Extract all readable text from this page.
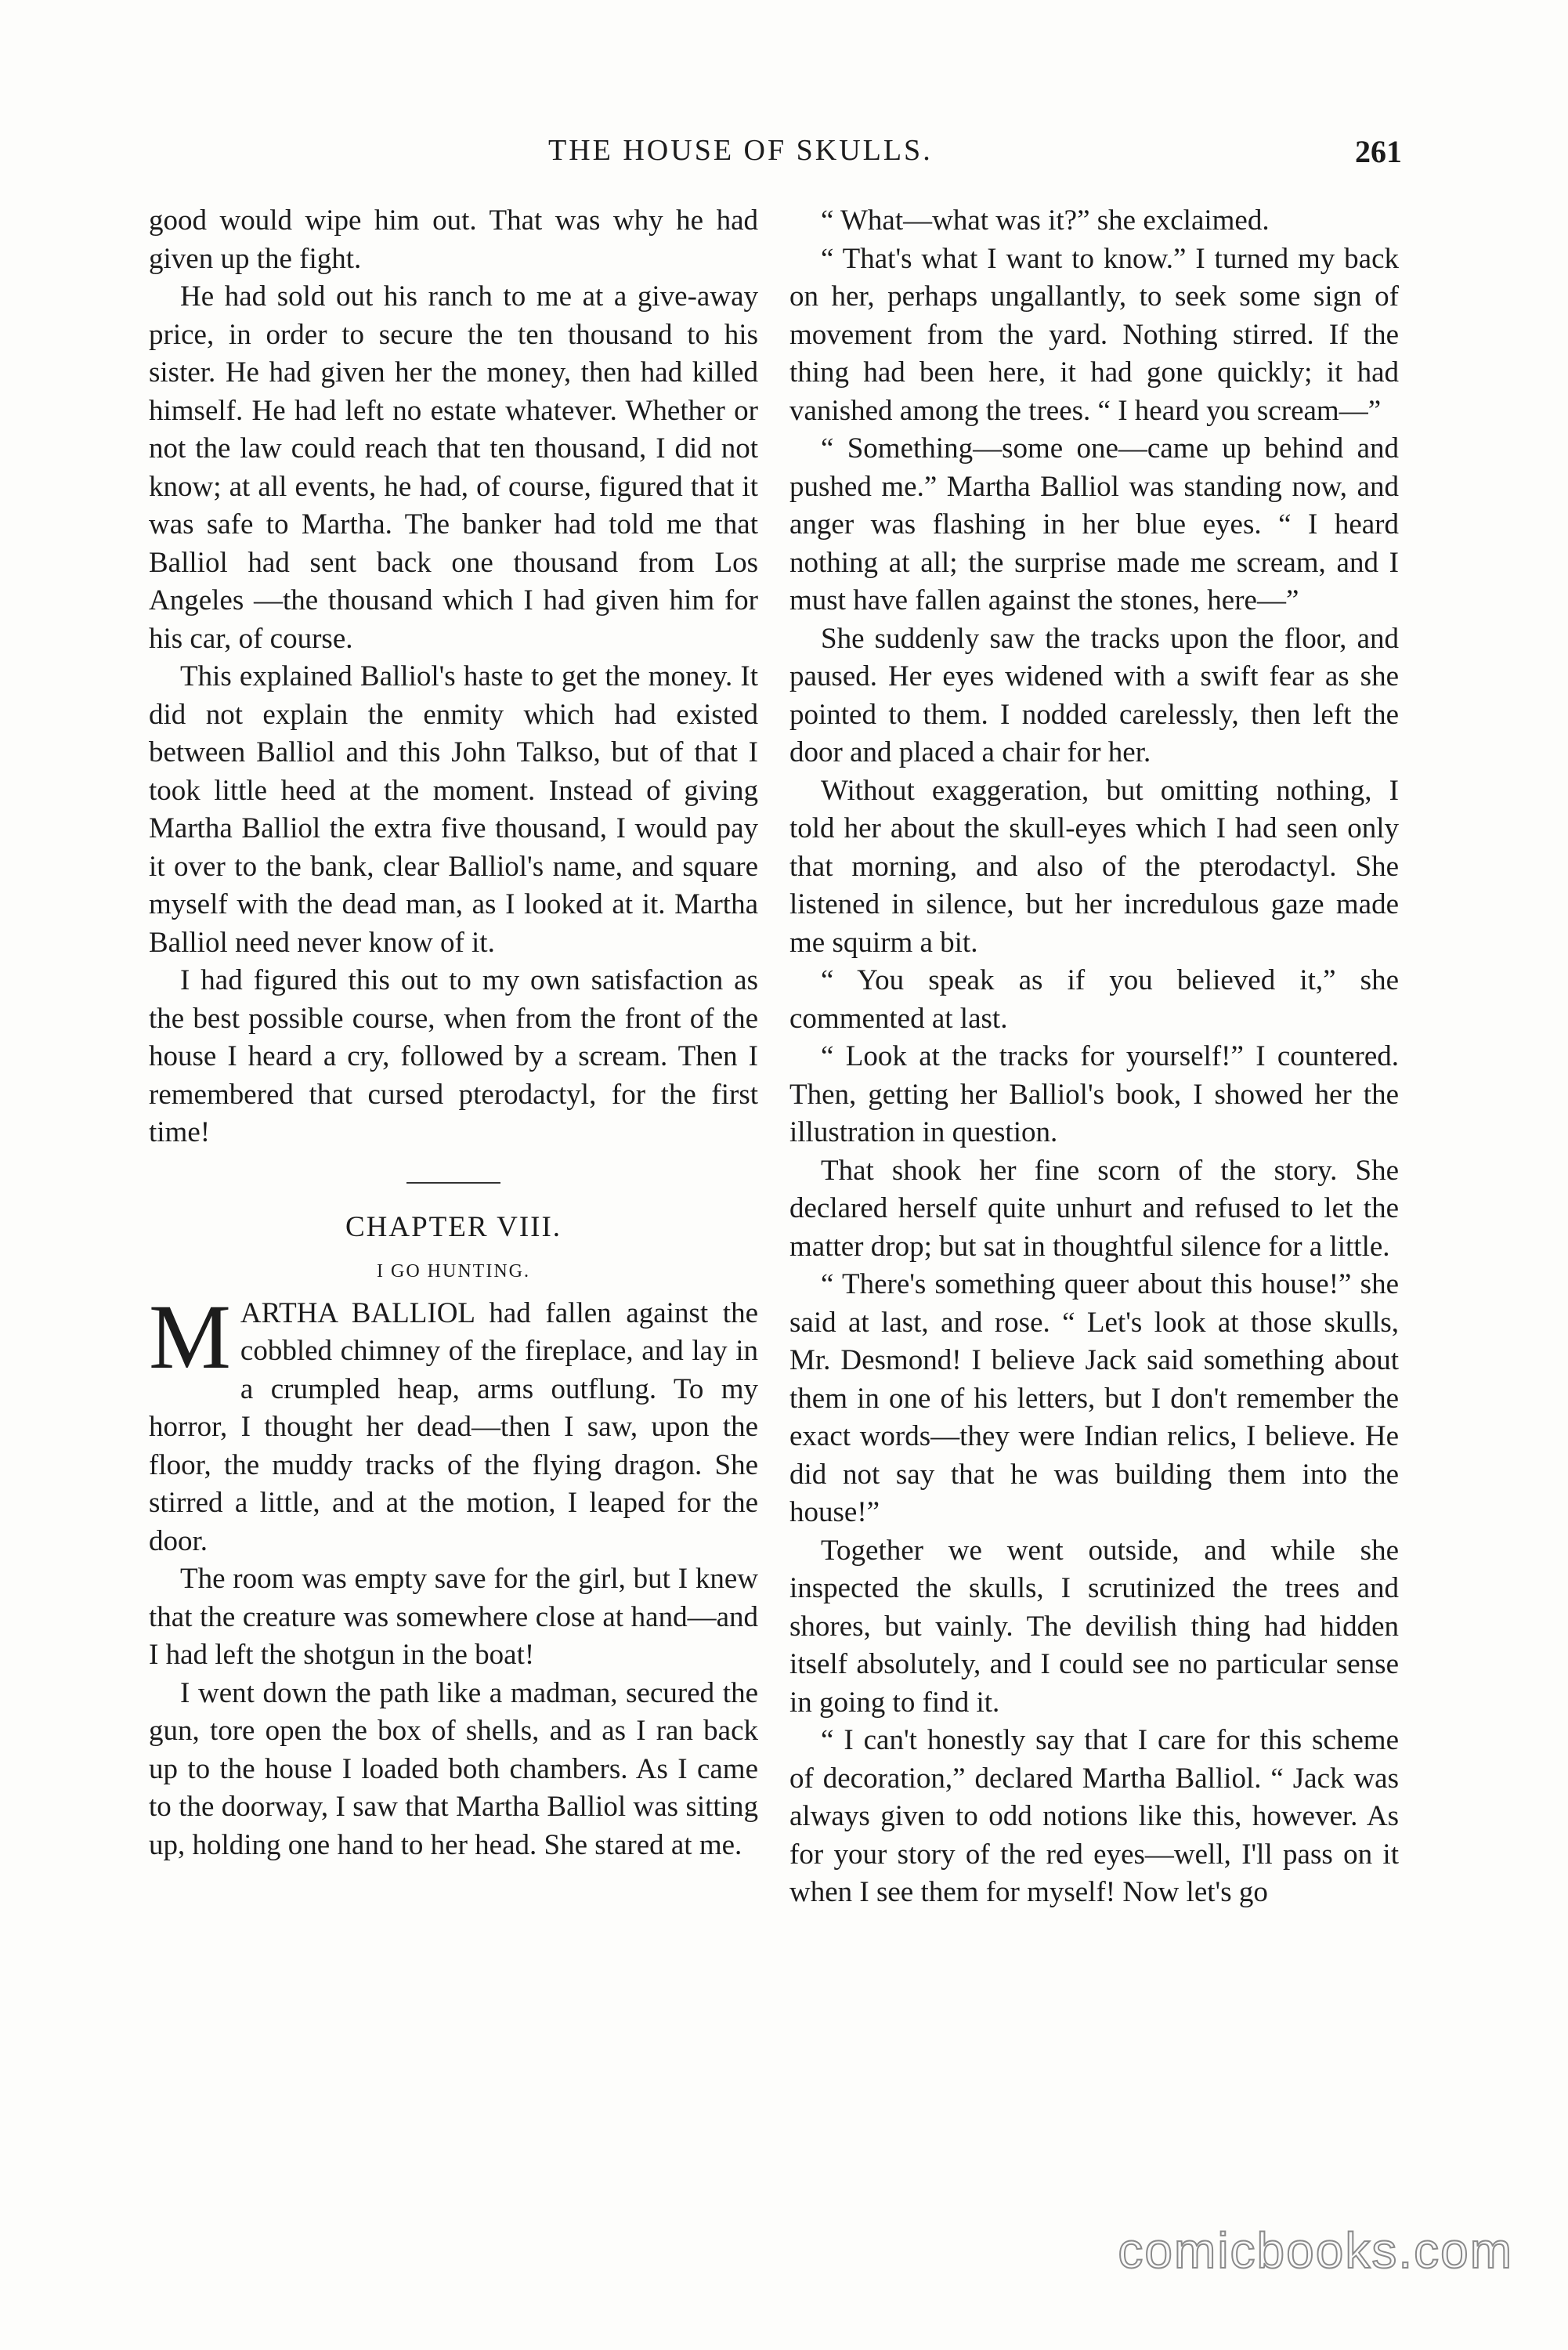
THE HOUSE OF SKULLS.	261

good would wipe him out. That was why he had given up the fight.

He had sold out his ranch to me at a give-away price, in order to secure the ten thousand to his sister. He had given her the money, then had killed himself. He had left no estate whatever. Whether or not the law could reach that ten thousand, I did not know; at all events, he had, of course, figured that it was safe to Martha. The banker had told me that Balliol had sent back one thousand from Los Angeles —the thousand which I had given him for his car, of course.

This explained Balliol's haste to get the money. It did not explain the enmity which had existed between Balliol and this John Talkso, but of that I took little heed at the moment. Instead of giving Martha Balliol the extra five thousand, I would pay it over to the bank, clear Balliol's name, and square myself with the dead man, as I looked at it. Martha Balliol need never know of it.

I had figured this out to my own satisfaction as the best possible course, when from the front of the house I heard a cry, followed by a scream. Then I remembered that cursed pterodactyl, for the first time!

CHAPTER VIII.
I GO HUNTING.

MARTHA BALLIOL had fallen against the cobbled chimney of the fireplace, and lay in a crumpled heap, arms outflung. To my horror, I thought her dead—then I saw, upon the floor, the muddy tracks of the flying dragon. She stirred a little, and at the motion, I leaped for the door.

The room was empty save for the girl, but I knew that the creature was somewhere close at hand—and I had left the shotgun in the boat!

I went down the path like a madman, secured the gun, tore open the box of shells, and as I ran back up to the house I loaded both chambers. As I came to the doorway, I saw that Martha Balliol was sitting up, holding one hand to her head. She stared at me.

“ What—what was it?” she exclaimed.

“ That's what I want to know.” I turned my back on her, perhaps ungallantly, to seek some sign of movement from the yard. Nothing stirred. If the thing had been here, it had gone quickly; it had vanished among the trees. “ I heard you scream—”

“ Something—some one—came up behind and pushed me.” Martha Balliol was standing now, and anger was flashing in her blue eyes. “ I heard nothing at all; the surprise made me scream, and I must have fallen against the stones, here—”

She suddenly saw the tracks upon the floor, and paused. Her eyes widened with a swift fear as she pointed to them. I nodded carelessly, then left the door and placed a chair for her.

Without exaggeration, but omitting nothing, I told her about the skull-eyes which I had seen only that morning, and also of the pterodactyl. She listened in silence, but her incredulous gaze made me squirm a bit.

“ You speak as if you believed it,” she commented at last.

“ Look at the tracks for yourself!” I countered. Then, getting her Balliol's book, I showed her the illustration in question.

That shook her fine scorn of the story. She declared herself quite unhurt and refused to let the matter drop; but sat in thoughtful silence for a little.

“ There's something queer about this house!” she said at last, and rose. “ Let's look at those skulls, Mr. Desmond! I believe Jack said something about them in one of his letters, but I don't remember the exact words—they were Indian relics, I believe. He did not say that he was building them into the house!”

Together we went outside, and while she inspected the skulls, I scrutinized the trees and shores, but vainly. The devilish thing had hidden itself absolutely, and I could see no particular sense in going to find it.

“ I can't honestly say that I care for this scheme of decoration,” declared Martha Balliol. “ Jack was always given to odd notions like this, however. As for your story of the red eyes—well, I'll pass on it when I see them for myself! Now let's go

comicbooks.com
